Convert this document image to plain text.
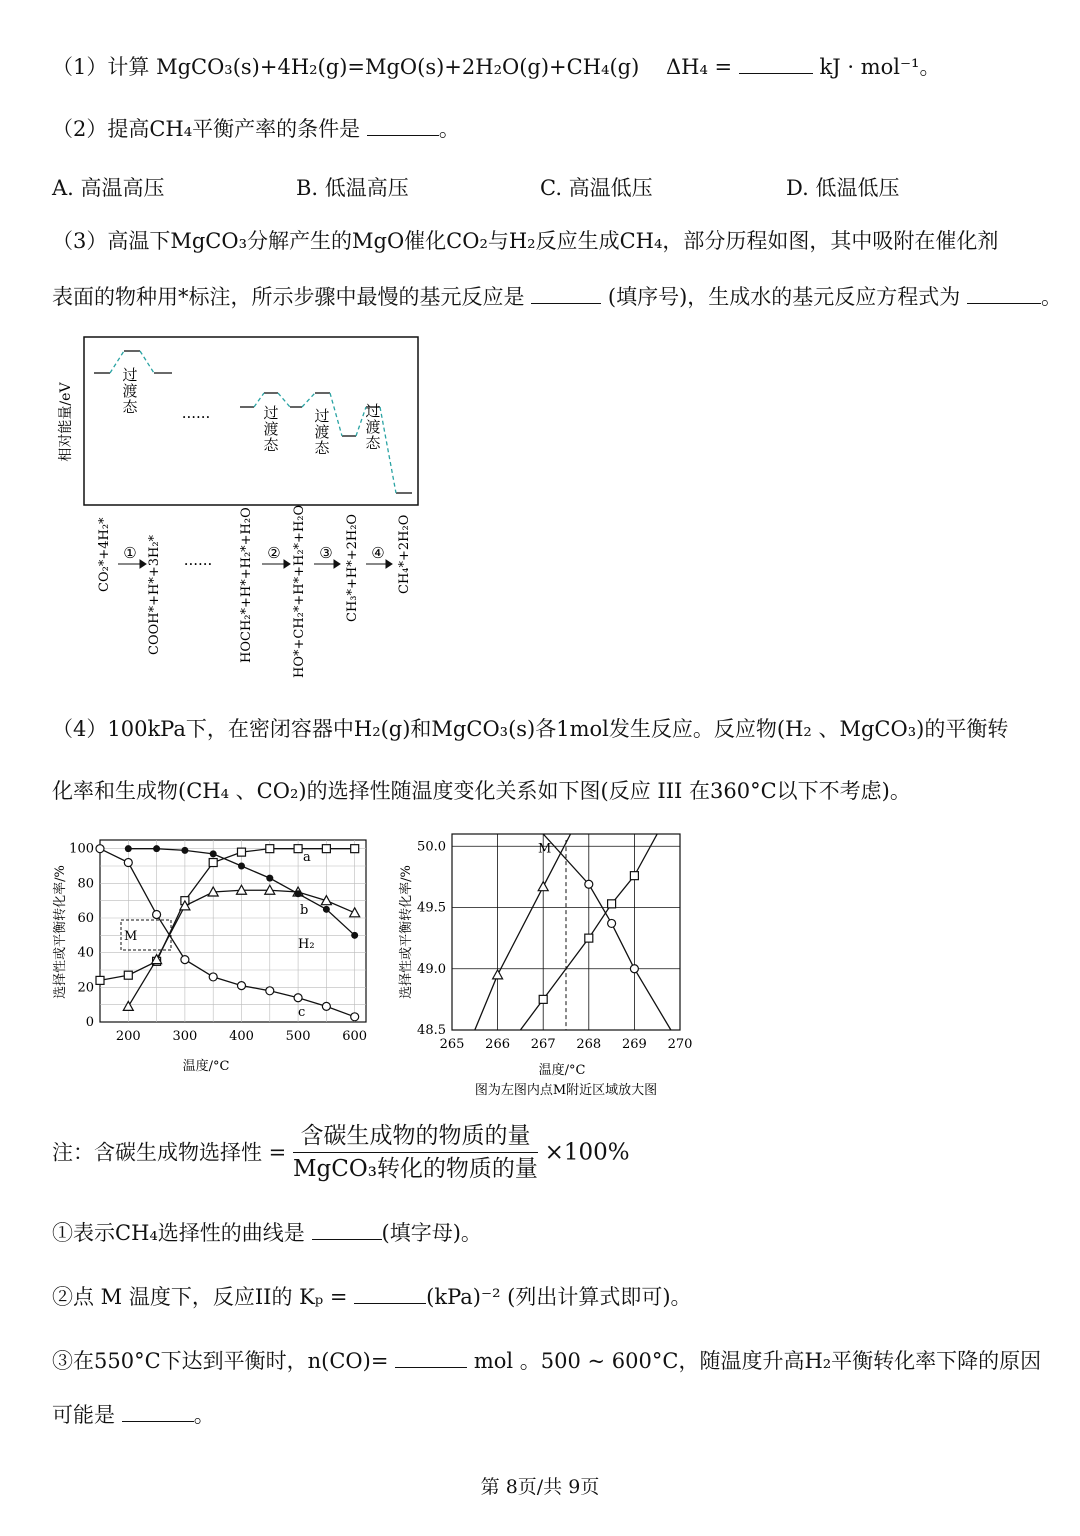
（1）计算 MgCO₃(s)+4H₂(g)=MgO(s)+2H₂O(g)+CH₄(g) ΔH₄ =	kJ · mol⁻¹。
（2）提高CH₄平衡产率的条件是	。
A. 高温高压	B. 低温高压	C. 高温低压	D. 低温低压
（3）高温下MgCO₃分解产生的MgO催化CO₂与H₂反应生成CH₄，部分历程如图，其中吸附在催化剂
表面的物种用*标注，所示步骤中最慢的基元反应是	(填序号)，生成水的基元反应方程式为	。
相对能量/eV
过
渡
态	过
渡
态
过
渡
态
过
渡
态
......
CO₂*+4H₂*	COOH*+H*+3H₂*	HOCH₂*+H*+H₂*+H₂O	HO*+CH₂*+H*+H₂*+H₂O	CH₃*+H*+2H₂O	CH₄*+2H₂O
①	②	③	④
......
（4）100kPa下，在密闭容器中H₂(g)和MgCO₃(s)各1mol发生反应。反应物(H₂ 、MgCO₃)的平衡转
化率和生成物(CH₄ 、CO₂)的选择性随温度变化关系如下图(反应 III 在360°C以下不考虑)。
200 300 400 500 600
0
20
40
60
80
100
选择性或平衡转化率/%
温度/°C
M
a
b
c
H₂
265 266 267 268 269 270
48.5
49.0
49.5
50.0
选择性或平衡转化率/%
温度/°C
图为左图内点M附近区域放大图
M
注：含碳生成物选择性 = $\frac{\text{含碳生成物的物质的量}}{\text{MgCO₃转化的物质的量}} \times 100\%$
①表示CH₄选择性的曲线是	(填字母)。
②点 M 温度下，反应II的 Kₚ =	(kPa)⁻² (列出计算式即可)。
③在550°C下达到平衡时，n(CO)=	mol 。500 ~ 600°C，随温度升高H₂平衡转化率下降的原因
可能是	。
第 8页/共 9页
